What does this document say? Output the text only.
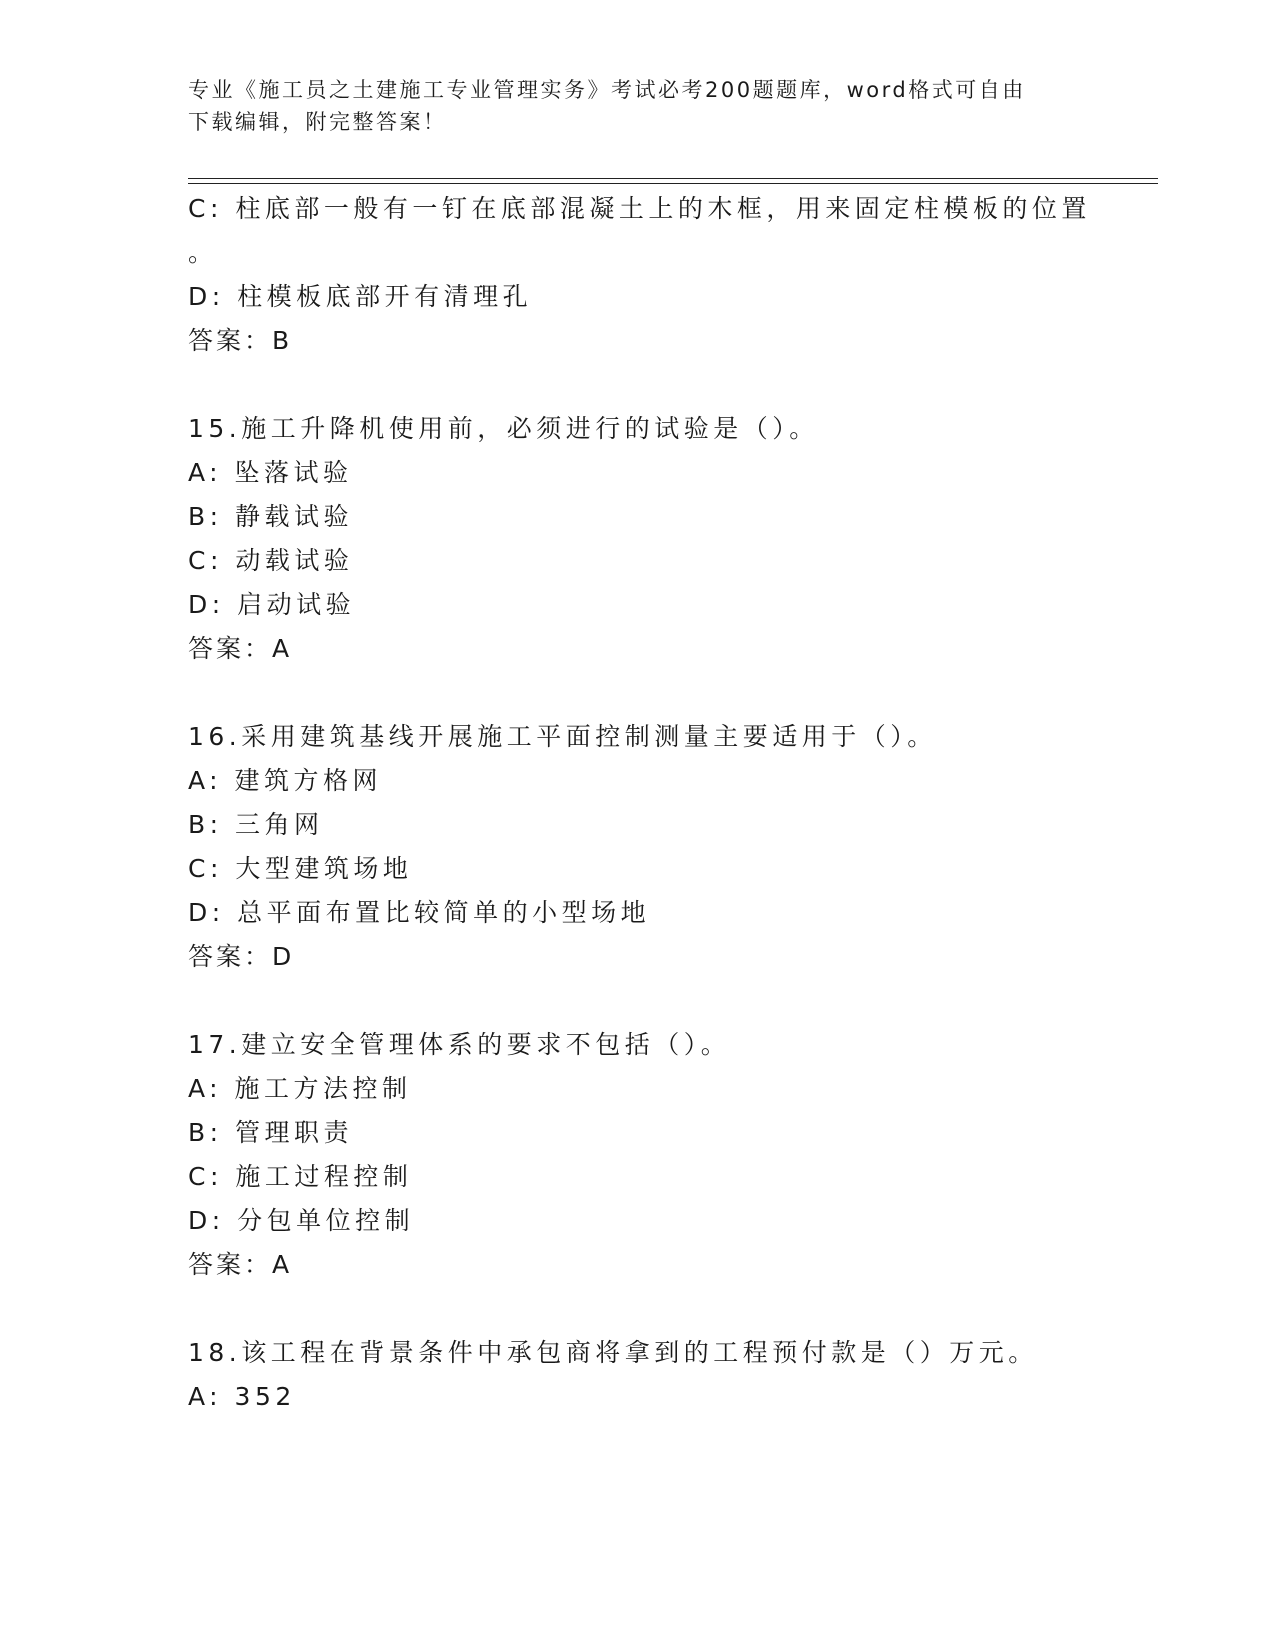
专业《施工员之土建施工专业管理实务》考试必考200题题库，word格式可自由
下载编辑，附完整答案！
C: 柱底部一般有一钉在底部混凝土上的木框，用来固定柱模板的位置
。
D: 柱模板底部开有清理孔
答案：B
15.施工升降机使用前，必须进行的试验是（）。
A: 坠落试验
B: 静载试验
C: 动载试验
D: 启动试验
答案：A
16.采用建筑基线开展施工平面控制测量主要适用于（）。
A: 建筑方格网
B: 三角网
C: 大型建筑场地
D: 总平面布置比较简单的小型场地
答案：D
17.建立安全管理体系的要求不包括（）。
A: 施工方法控制
B: 管理职责
C: 施工过程控制
D: 分包单位控制
答案：A
18.该工程在背景条件中承包商将拿到的工程预付款是（）万元。
A: 352
